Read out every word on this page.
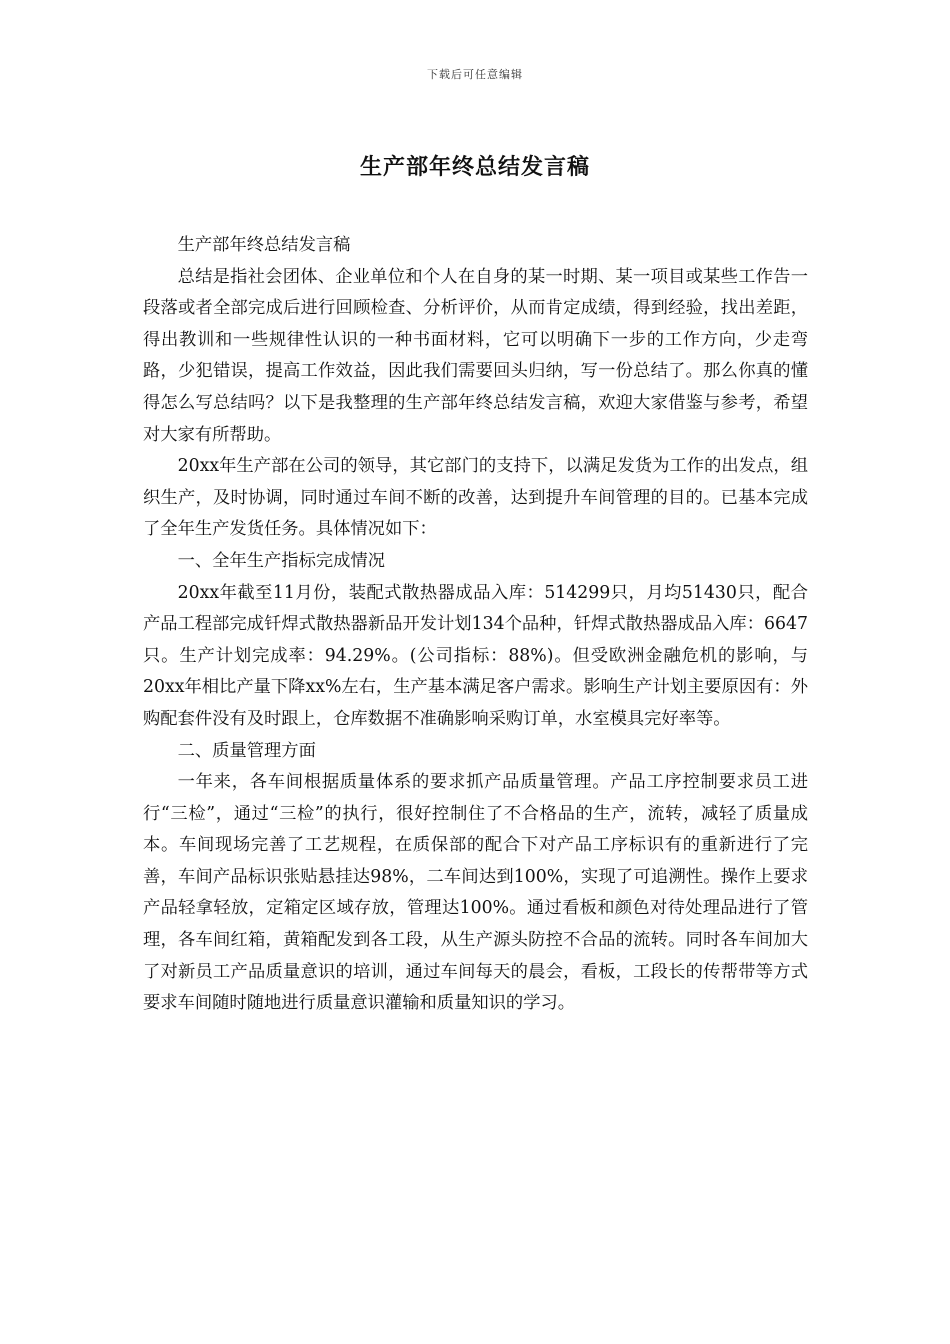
下载后可任意编辑
生产部年终总结发言稿

生产部年终总结发言稿

总结是指社会团体、企业单位和个人在自身的某一时期、某一项目或某些工作告一段落或者全部完成后进行回顾检查、分析评价，从而肯定成绩，得到经验，找出差距，得出教训和一些规律性认识的一种书面材料，它可以明确下一步的工作方向，少走弯路，少犯错误，提高工作效益，因此我们需要回头归纳，写一份总结了。那么你真的懂得怎么写总结吗？以下是我整理的生产部年终总结发言稿，欢迎大家借鉴与参考，希望对大家有所帮助。

20xx年生产部在公司的领导，其它部门的支持下，以满足发货为工作的出发点，组织生产，及时协调，同时通过车间不断的改善，达到提升车间管理的目的。已基本完成了全年生产发货任务。具体情况如下：

一、全年生产指标完成情况

20xx年截至11月份，装配式散热器成品入库：514299只，月均51430只，配合产品工程部完成钎焊式散热器新品开发计划134个品种，钎焊式散热器成品入库：6647只。生产计划完成率：94.29%。(公司指标：88%)。但受欧洲金融危机的影响，与20xx年相比产量下降xx%左右，生产基本满足客户需求。影响生产计划主要原因有：外购配套件没有及时跟上，仓库数据不准确影响采购订单，水室模具完好率等。

二、质量管理方面

一年来，各车间根据质量体系的要求抓产品质量管理。产品工序控制要求员工进行“三检”，通过“三检”的执行，很好控制住了不合格品的生产，流转，减轻了质量成本。车间现场完善了工艺规程，在质保部的配合下对产品工序标识有的重新进行了完善，车间产品标识张贴悬挂达98%，二车间达到100%，实现了可追溯性。操作上要求产品轻拿轻放，定箱定区域存放，管理达100%。通过看板和颜色对待处理品进行了管理，各车间红箱，黄箱配发到各工段，从生产源头防控不合品的流转。同时各车间加大了对新员工产品质量意识的培训，通过车间每天的晨会，看板，工段长的传帮带等方式要求车间随时随地进行质量意识灌输和质量知识的学习。
